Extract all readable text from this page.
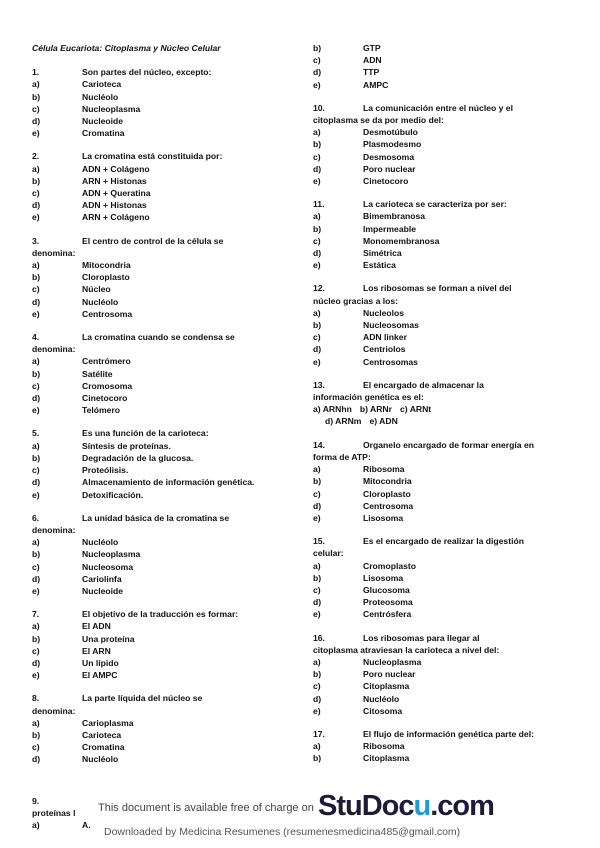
Célula Eucariota: Citoplasma y Núcleo Celular
1.	Son partes del núcleo, excepto:
a)	Carioteca
b)	Nucléolo
c)	Nucleoplasma
d)	Nucleoide
e)	Cromatina
2.	La cromatina está constituida por:
a)	ADN + Colágeno
b)	ARN + Histonas
c)	ADN + Queratina
d)	ADN + Histonas
e)	ARN + Colágeno
3.	El centro de control de la célula se
denomina:
a)	Mitocondria
b)	Cloroplasto
c)	Núcleo
d)	Nucléolo
e)	Centrosoma
4.	La cromatina cuando se condensa se
denomina:
a)	Centrómero
b)	Satélite
c)	Cromosoma
d)	Cinetocoro
e)	Telómero
5.	Es una función de la carioteca:
a)	Síntesis de proteínas.
b)	Degradación de la glucosa.
c)	Proteólisis.
d)	Almacenamiento de información genética.
e)	Detoxificación.
6.	La unidad básica de la cromatina se
denomina:
a)	Nucléolo
b)	Nucleoplasma
c)	Nucleosoma
d)	Cariolinfa
e)	Nucleoide
7.	El objetivo de la traducción es formar:
a)	El ADN
b)	Una proteína
c)	El ARN
d)	Un lípido
e)	El AMPC
8.	La parte líquida del núcleo se
denomina:
a)	Carioplasma
b)	Carioteca
c)	Cromatina
d)	Nucléolo
b)	GTP
c)	ADN
d)	TTP
e)	AMPC
10.	La comunicación entre el núcleo y el
citoplasma se da por medio del:
a)	Desmotúbulo
b)	Plasmodesmo
c)	Desmosoma
d)	Poro nuclear
e)	Cinetocoro
11.	La carioteca se caracteriza por ser:
a)	Bimembranosa
b)	Impermeable
c)	Monomembranosa
d)	Simétrica
e)	Estática
12.	Los ribosomas se forman a nivel del
núcleo gracias a los:
a)	Nucleolos
b)	Nucleosomas
c)	ADN linker
d)	Centriolos
e)	Centrosomas
13.	El encargado de almacenar la
información genética es el:
a) ARNhn b) ARNr c) ARNt
d) ARNm e) ADN
14.	Organelo encargado de formar energía en
forma de ATP:
a)	Ribosoma
b)	Mitocondria
c)	Cloroplasto
d)	Centrosoma
e)	Lisosoma
15.	Es el encargado de realizar la digestión
celular:
a)	Cromoplasto
b)	Lisosoma
c)	Glucosoma
d)	Proteosoma
e)	Centrósfera
16.	Los ribosomas para llegar al
citoplasma atraviesan la carioteca a nivel del:
a)	Nucleoplasma
b)	Poro nuclear
c)	Citoplasma
d)	Nucléolo
e)	Citosoma
17.	El flujo de información genética parte del:
a)	Ribosoma
b)	Citoplasma
9.
proteínas l
a)	A.
This document is available free of charge on StuDocu.com
Downloaded by Medicina Resumenes (resumenesmedicina485@gmail.com)
